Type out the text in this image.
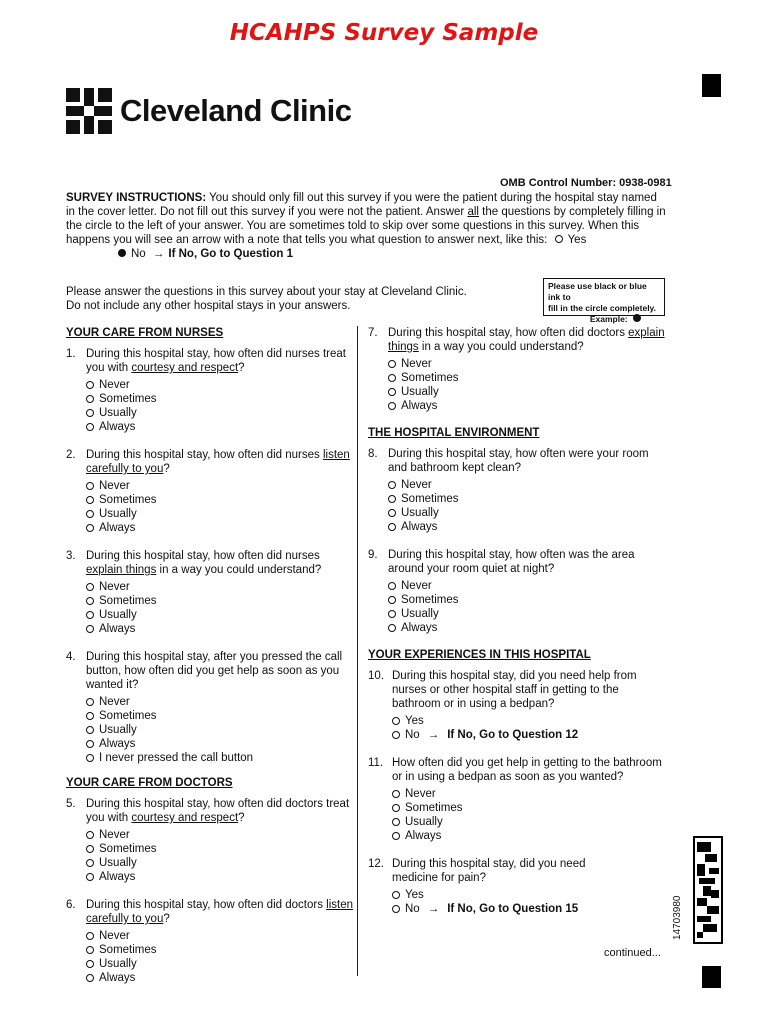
HCAHPS Survey Sample
Cleveland Clinic
OMB Control Number: 0938-0981
SURVEY INSTRUCTIONS: You should only fill out this survey if you were the patient during the hospital stay named in the cover letter. Do not fill out this survey if you were not the patient. Answer all the questions by completely filling in the circle to the left of your answer. You are sometimes told to skip over some questions in this survey. When this happens you will see an arrow with a note that tells you what question to answer next, like this: Yes
No → If No, Go to Question 1
Please use black or blue ink to
fill in the circle completely.
Example:
Please answer the questions in this survey about your stay at Cleveland Clinic.
Do not include any other hospital stays in your answers.
YOUR CARE FROM NURSES
1. During this hospital stay, how often did nurses treat you with courtesy and respect?
Never
Sometimes
Usually
Always
2. During this hospital stay, how often did nurses listen carefully to you?
Never
Sometimes
Usually
Always
3. During this hospital stay, how often did nurses explain things in a way you could understand?
Never
Sometimes
Usually
Always
4. During this hospital stay, after you pressed the call button, how often did you get help as soon as you wanted it?
Never
Sometimes
Usually
Always
I never pressed the call button
YOUR CARE FROM DOCTORS
5. During this hospital stay, how often did doctors treat you with courtesy and respect?
Never
Sometimes
Usually
Always
6. During this hospital stay, how often did doctors listen carefully to you?
Never
Sometimes
Usually
Always
7. During this hospital stay, how often did doctors explain things in a way you could understand?
Never
Sometimes
Usually
Always
THE HOSPITAL ENVIRONMENT
8. During this hospital stay, how often were your room and bathroom kept clean?
Never
Sometimes
Usually
Always
9. During this hospital stay, how often was the area around your room quiet at night?
Never
Sometimes
Usually
Always
YOUR EXPERIENCES IN THIS HOSPITAL
10. During this hospital stay, did you need help from nurses or other hospital staff in getting to the bathroom or in using a bedpan?
Yes
No → If No, Go to Question 12
11. How often did you get help in getting to the bathroom or in using a bedpan as soon as you wanted?
Never
Sometimes
Usually
Always
12. During this hospital stay, did you need medicine for pain?
Yes
No → If No, Go to Question 15
continued...
14703980
